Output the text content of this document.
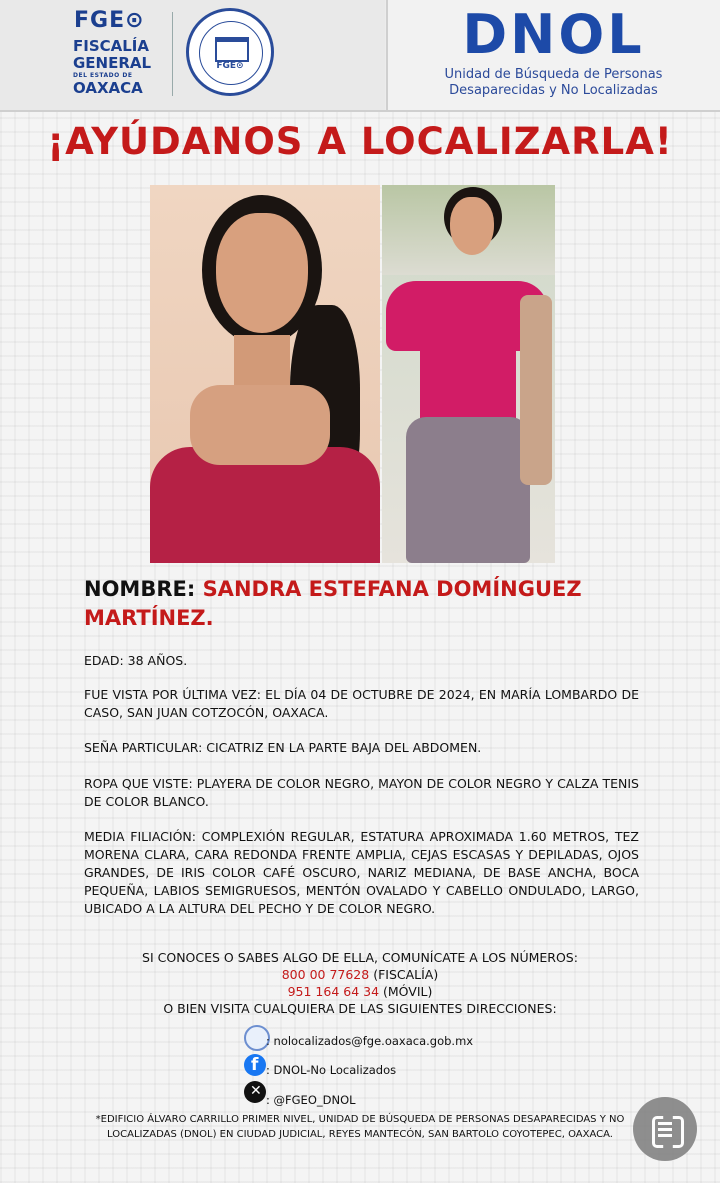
FGE⊙
FISCALÍA
GENERAL
DEL ESTADO DE
OAXACA
FGE⊙	DNOL
Unidad de Búsqueda de Personas
Desaparecidas y No Localizadas
¡AYÚDANOS A LOCALIZARLA!
NOMBRE: SANDRA ESTEFANA DOMÍNGUEZ MARTÍNEZ.
EDAD: 38 AÑOS.
FUE VISTA POR ÚLTIMA VEZ: EL DÍA 04 DE OCTUBRE DE 2024, EN MARÍA LOMBARDO DE CASO, SAN JUAN COTZOCÓN, OAXACA.
SEÑA PARTICULAR: CICATRIZ EN LA PARTE BAJA DEL ABDOMEN.
ROPA QUE VISTE: PLAYERA DE COLOR NEGRO, MAYON DE COLOR NEGRO Y CALZA TENIS DE COLOR BLANCO.
MEDIA FILIACIÓN: COMPLEXIÓN REGULAR, ESTATURA APROXIMADA 1.60 METROS, TEZ MORENA CLARA, CARA REDONDA FRENTE AMPLIA, CEJAS ESCASAS Y DEPILADAS, OJOS GRANDES, DE IRIS COLOR CAFÉ OSCURO, NARIZ MEDIANA, DE BASE ANCHA, BOCA PEQUEÑA, LABIOS SEMIGRUESOS, MENTÓN OVALADO Y CABELLO ONDULADO, LARGO, UBICADO A LA ALTURA DEL PECHO Y DE COLOR NEGRO.
SI CONOCES O SABES ALGO DE ELLA, COMUNÍCATE A LOS NÚMEROS:
800 00 77628 (FISCALÍA)
951 164 64 34 (MÓVIL)
O BIEN VISITA CUALQUIERA DE LAS SIGUIENTES DIRECCIONES:
: nolocalizados@fge.oaxaca.gob.mx
f : DNOL-No Localizados
✕
: @FGEO_DNOL
*EDIFICIO ÁLVARO CARRILLO PRIMER NIVEL, UNIDAD DE BÚSQUEDA DE PERSONAS DESAPARECIDAS Y NO LOCALIZADAS (DNOL) EN CIUDAD JUDICIAL, REYES MANTECÓN, SAN BARTOLO COYOTEPEC, OAXACA.
